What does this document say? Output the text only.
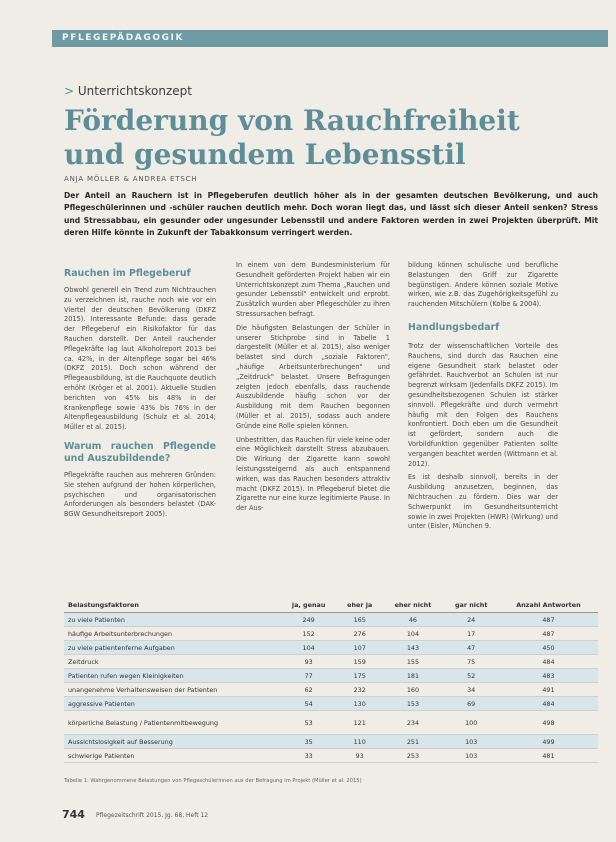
PFLEGEPÄDAGOGIK
> Unterrichtskonzept
Förderung von Rauchfreiheit und gesundem Lebensstil
ANJA MÖLLER & ANDREA ETSCH

Der Anteil an Rauchern ist in Pflegeberufen deutlich höher als in der gesamten deutschen Bevölkerung, und auch Pflegeschülerinnen und -schüler rauchen deutlich mehr. Doch woran liegt das, und lässt sich dieser Anteil senken? Stress und Stressabbau, ein gesunder oder ungesunder Lebensstil und andere Faktoren werden in zwei Projekten überprüft. Mit deren Hilfe könnte in Zukunft der Tabakkonsum verringert werden.

Rauchen im Pflegeberuf

Obwohl generell ein Trend zum Nichtrauchen zu verzeichnen ist, rauche noch wie vor ein Viertel der deutschen Bevölkerung (DKFZ 2015). Interessante Befunde: dass gerade der Pflegeberuf ein Risikofaktor für das Rauchen darstellt. Der Anteil rauchender Pflegekräfte lag laut Alkoholreport 2013 bei ca. 42%, in der Altenpflege sogar bei 46% (DKFZ 2015). Doch schon während der Pflegeausbildung, ist die Rauchquote deutlich erhöht (Kröger et al. 2001). Aktuelle Studien berichten von 45% bis 48% in der Krankenpflege sowie 43% bis 76% in der Altenpflegeausbildung (Schulz et al. 2014; Müller et al. 2015).

Warum rauchen Pflegende und Auszubildende?

Pflegekräfte rauchen aus mehreren Gründen: Sie stehen aufgrund der hohen körperlichen, psychischen und organisatorischen Anforderungen als besonders belastet (DAK-BGW Gesundheitsreport 2005).

In einem von dem Bundesministerium für Gesundheit geförderten Projekt haben wir ein Unterrichtskonzept zum Thema „Rauchen und gesunder Lebensstil" entwickelt und erprobt. Zusätzlich wurden aber Pflegeschüler zu ihren Stressursachen befragt.

Die häufigsten Belastungen der Schüler in unserer Stichprobe sind in Tabelle 1 dargestellt (Müller et al. 2015), also weniger belastet sind durch „soziale Faktoren", „häufige Arbeitsunterbrechungen" und „Zeitdruck" belastet. Unsere Befragungen zeigten jedoch ebenfalls, dass rauchende Auszubildende häufig schon vor der Ausbildung mit dem Rauchen begonnen (Müller et al. 2015), sodass auch andere Gründe eine Rolle spielen können.

Unbestritten, das Rauchen für viele keine oder eine Möglichkeit darstellt Stress abzubauen. Die Wirkung der Zigarette kann sowohl leistungssteigernd als auch entspannend wirken, was das Rauchen besonders attraktiv macht (DKFZ 2015). In Pflegeberuf bietet die Zigarette nur eine kurze legitimierte Pause. In der Aus-

bildung können schulische und berufliche Belastungen den Griff zur Zigarette begünstigen. Andere können soziale Motive wirken, wie z.B. das Zugehörigkeitsgefühl zu rauchenden Mitschülern (Kolbe & 2004).

Handlungsbedarf

Trotz der wissenschaftlichen Vorteile des Rauchens, sind durch das Rauchen eine eigene Gesundheit stark belastet oder gefährdet. Rauchverbot an Schulen ist nur begrenzt wirksam (Jedenfalls DKFZ 2015). Im gesundheitsbezogenen Schulen ist stärker sinnvoll. Pflegekräfte und durch vermehrt häufig mit den Folgen des Rauchens konfrontiert. Doch eben um die Gesundheit ist gefördert, sondern auch die Vorbildfunktion gegenüber Patienten sollte vergangen beachtet werden (Wittmann et al. 2012).

Es ist deshalb sinnvoll, bereits in der Ausbildung anzusetzen, beginnen, das Nichtrauchen zu fördern. Dies war der Schwerpunkt im Gesundheitsunterricht sowie in zwei Projekten (HWR) (Wirkung) und unter (Eisler, München 9.

Belastungsfaktoren	ja, genau	eher ja	eher nicht	gar nicht	Anzahl Antworten
zu viele Patienten	249	165	46	24	487
häufige Arbeitsunterbrechungen	152	276	104	17	487
zu viele patientenferne Aufgaben	104	107	143	47	450
Zeitdruck	93	159	155	75	484
Patienten rufen wegen Kleinigkeiten	77	175	181	52	483
unangenehme Verhaltensweisen der Patienten	62	232	160	34	491
aggressive Patienten	54	130	153	69	484
körperliche Belastung / Patientenmitbewegung	53	121	234	100	498
Aussichtslosigkeit auf Besserung	35	110	251	103	499
schwierige Patienten	33	93	253	103	481
Tabelle 1: Wahrgenommene Belastungen von Pflegeschülerinnen aus der Befragung im Projekt (Müller et al. 2015)
744 Pflegezeitschrift 2015, Jg. 68, Heft 12
